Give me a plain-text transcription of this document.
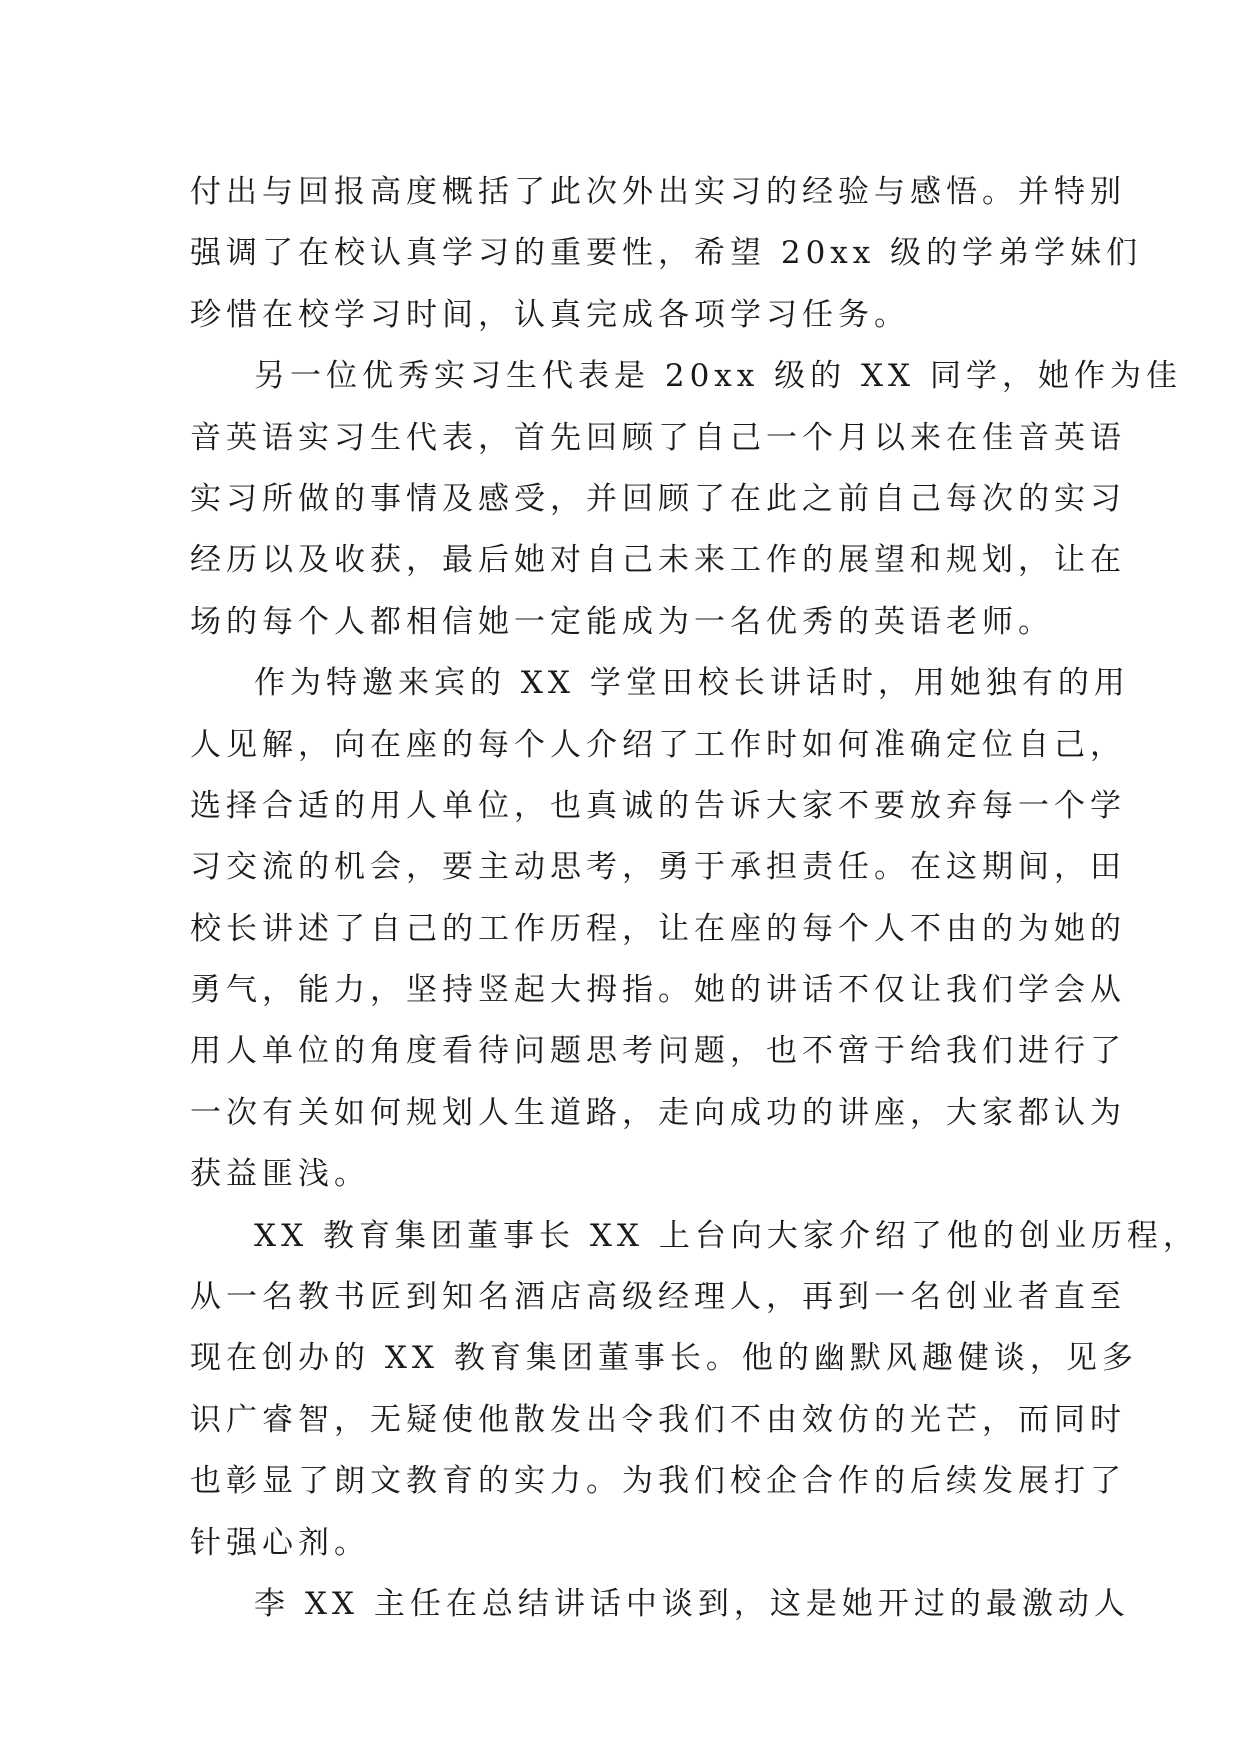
付出与回报高度概括了此次外出实习的经验与感悟。并特别
强调了在校认真学习的重要性，希望 20xx 级的学弟学妹们
珍惜在校学习时间，认真完成各项学习任务。
另一位优秀实习生代表是 20xx 级的 XX 同学，她作为佳
音英语实习生代表，首先回顾了自己一个月以来在佳音英语
实习所做的事情及感受，并回顾了在此之前自己每次的实习
经历以及收获，最后她对自己未来工作的展望和规划，让在
场的每个人都相信她一定能成为一名优秀的英语老师。
作为特邀来宾的 XX 学堂田校长讲话时，用她独有的用
人见解，向在座的每个人介绍了工作时如何准确定位自己，
选择合适的用人单位，也真诚的告诉大家不要放弃每一个学
习交流的机会，要主动思考，勇于承担责任。在这期间，田
校长讲述了自己的工作历程，让在座的每个人不由的为她的
勇气，能力，坚持竖起大拇指。她的讲话不仅让我们学会从
用人单位的角度看待问题思考问题，也不啻于给我们进行了
一次有关如何规划人生道路，走向成功的讲座，大家都认为
获益匪浅。
XX 教育集团董事长 XX 上台向大家介绍了他的创业历程，
从一名教书匠到知名酒店高级经理人，再到一名创业者直至
现在创办的 XX 教育集团董事长。他的幽默风趣健谈，见多
识广睿智，无疑使他散发出令我们不由效仿的光芒，而同时
也彰显了朗文教育的实力。为我们校企合作的后续发展打了
针强心剂。
李 XX 主任在总结讲话中谈到，这是她开过的最激动人
